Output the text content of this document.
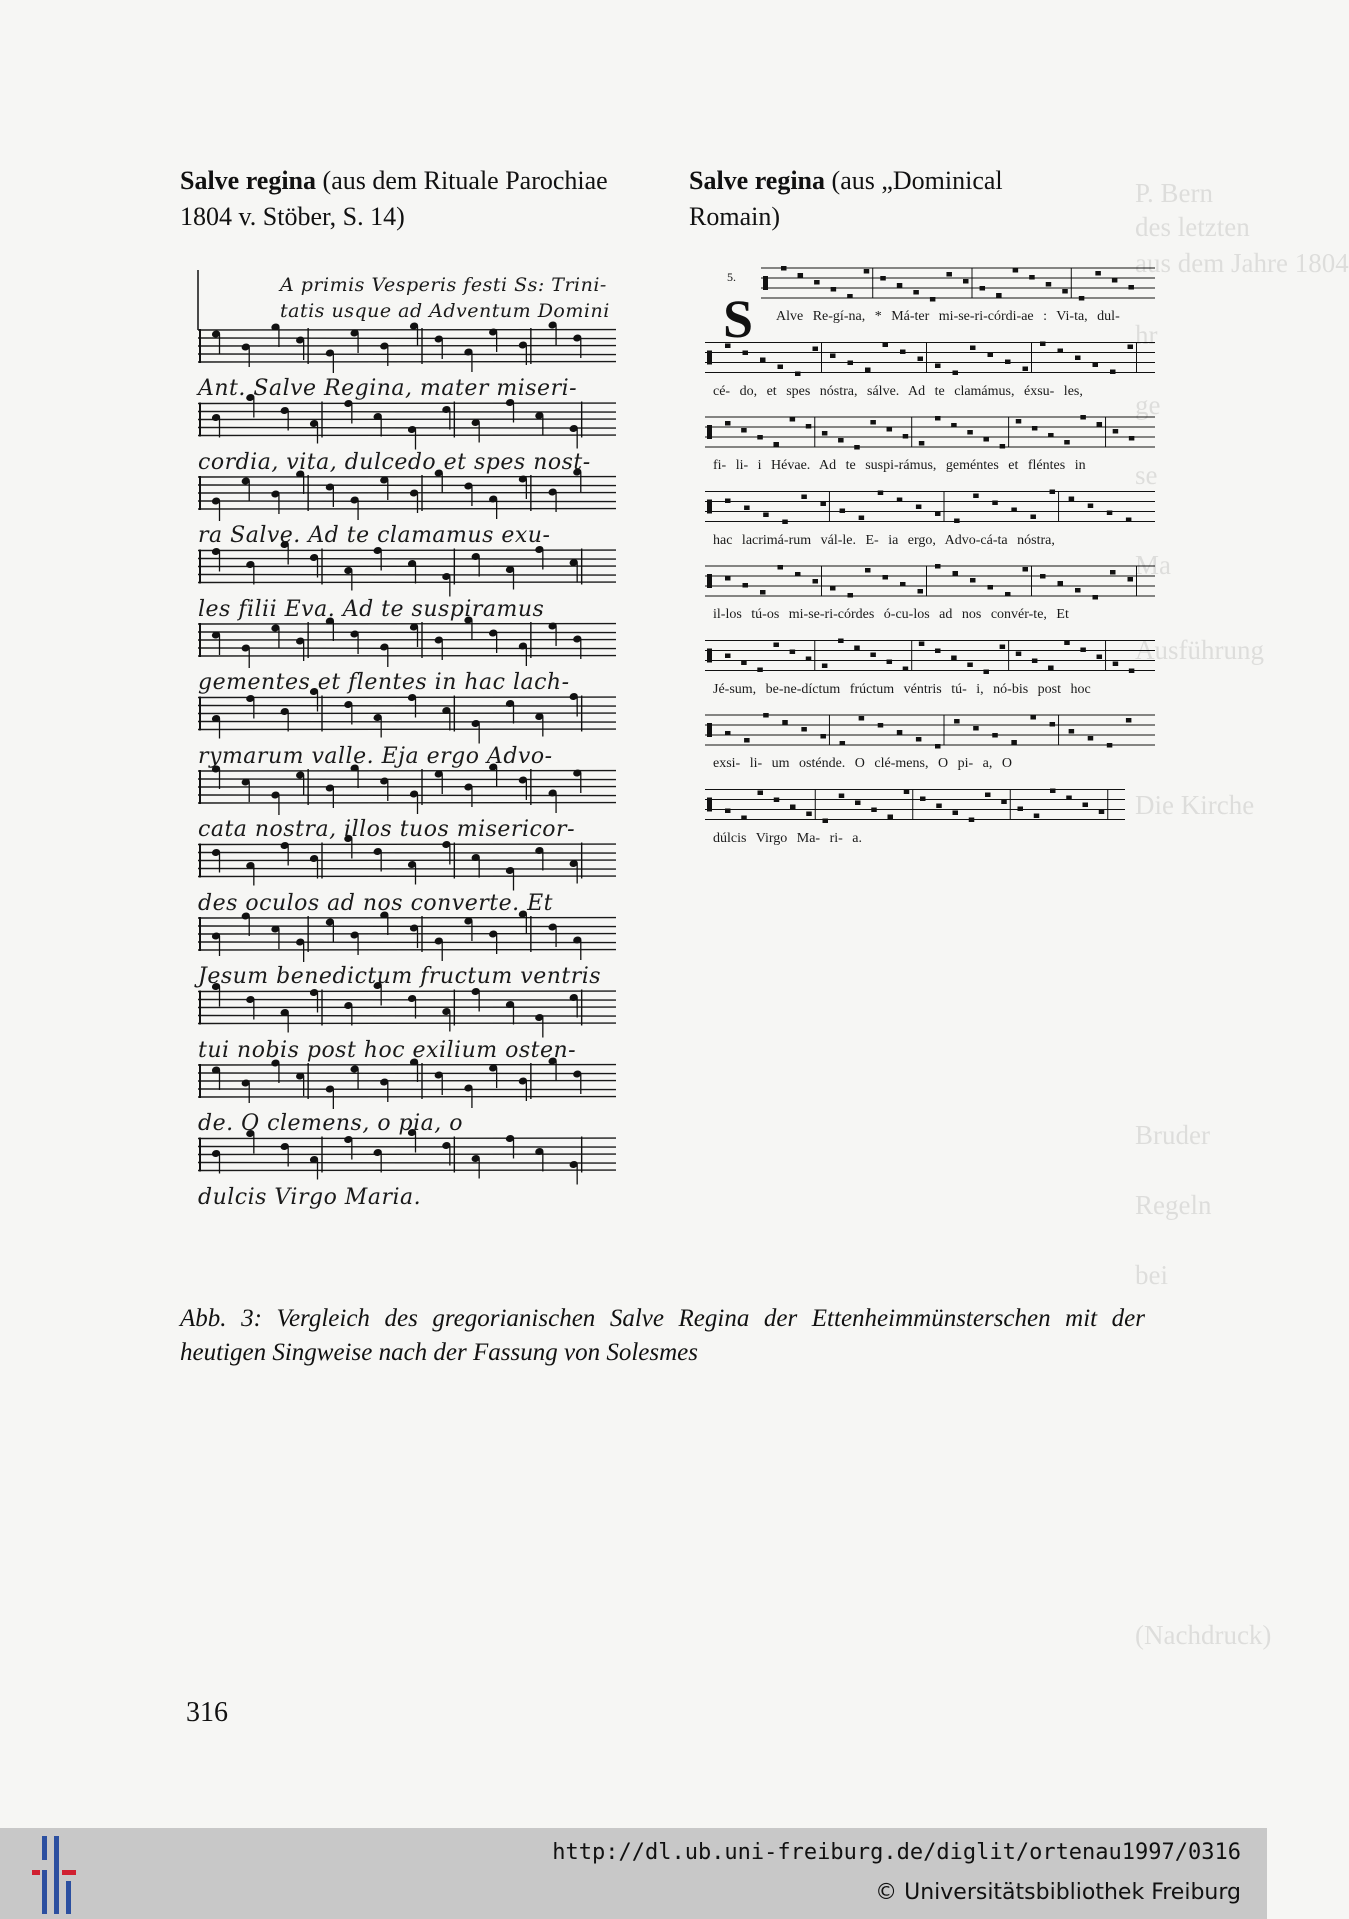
P. Bern
des letzten
aus dem Jahre 1804
hr
ge
se
Ma
Ausführung
Die Kirche
Bruder
Regeln
bei
(Nachdruck)
Salve regina (aus dem Rituale Parochiae 1804 v. Stöber, S. 14)
Salve regina (aus „Dominical Romain)
A primis Vesperis festi Ss: Trini-
tatis usque ad Adventum Domini
Ant. Salve Regina, mater miseri-
cordia, vita, dulcedo et spes nost-
ra Salve. Ad te clamamus exu-
les filii Eva. Ad te suspiramus
gementes et flentes in hac lach-
rymarum valle. Eja ergo Advo-
cata nostra, illos tuos misericor-
des oculos ad nos converte. Et
Jesum benedictum fructum ventris
tui nobis post hoc exilium osten-
de. O clemens, o pia, o
dulcis Virgo Maria.
5.
S Alve Re-gí-na, * Má-ter mi-se-ri-córdi-ae : Vi-ta, dul-
cé- do, et spes nóstra, sálve. Ad te clamámus, éxsu- les,
fi- li- i Hévae. Ad te suspi-rámus, geméntes et fléntes in
hac lacrimá-rum vál-le. E- ia ergo, Advo-cá-ta nóstra,
il-los tú-os mi-se-ri-córdes ó-cu-los ad nos convér-te, Et
Jé-sum, be-ne-díctum frúctum véntris tú- i, nó-bis post hoc
exsi- li- um osténde. O clé-mens, O pi- a, O
dúlcis Virgo Ma- ri- a.
Abb. 3: Vergleich des gregorianischen Salve Regina der Ettenheimmünsterschen mit der heutigen Singweise nach der Fassung von Solesmes
316
http://dl.ub.uni-freiburg.de/diglit/ortenau1997/0316
© Universitätsbibliothek Freiburg
